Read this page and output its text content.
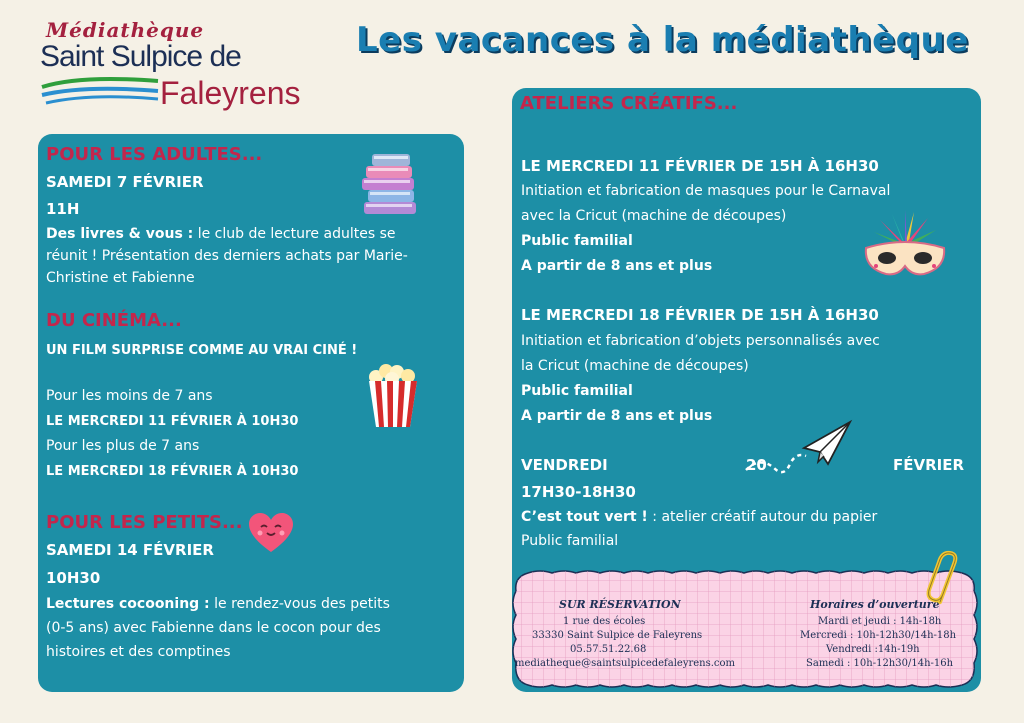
Médiathèque
Saint Sulpice de
Faleyrens
Les vacances à la médiathèque
POUR LES ADULTES...
SAMEDI 7 FÉVRIER
11H
Des livres & vous : le club de lecture adultes se
réunit ! Présentation des derniers achats par Marie-
Christine et Fabienne
DU CINÉMA...
UN FILM SURPRISE COMME AU VRAI CINÉ !
Pour les moins de 7 ans
LE MERCREDI 11 FÉVRIER À 10H30
Pour les plus de 7 ans
LE MERCREDI 18 FÉVRIER À 10H30
POUR LES PETITS...
SAMEDI 14 FÉVRIER
10H30
Lectures cocooning : le rendez-vous des petits
(0-5 ans) avec Fabienne dans le cocon pour des
histoires et des comptines
ATELIERS CRÉATIFS...
LE MERCREDI 11 FÉVRIER DE 15H À 16H30
Initiation et fabrication de masques pour le Carnaval
avec la Cricut (machine de découpes)
Public familial
A partir de 8 ans et plus
LE MERCREDI 18 FÉVRIER DE 15H À 16H30
Initiation et fabrication d’objets personnalisés avec
la Cricut (machine de découpes)
Public familial
A partir de 8 ans et plus
VENDREDI	20	FÉVRIER
17H30-18H30
C’est tout vert ! : atelier créatif autour du papier
Public familial
SUR RÉSERVATION
1 rue des écoles
33330 Saint Sulpice de Faleyrens
05.57.51.22.68
mediatheque@saintsulpicedefaleyrens.com
Horaires d’ouverture
Mardi et jeudi : 14h-18h
Mercredi : 10h-12h30/14h-18h
Vendredi :14h-19h
Samedi : 10h-12h30/14h-16h
